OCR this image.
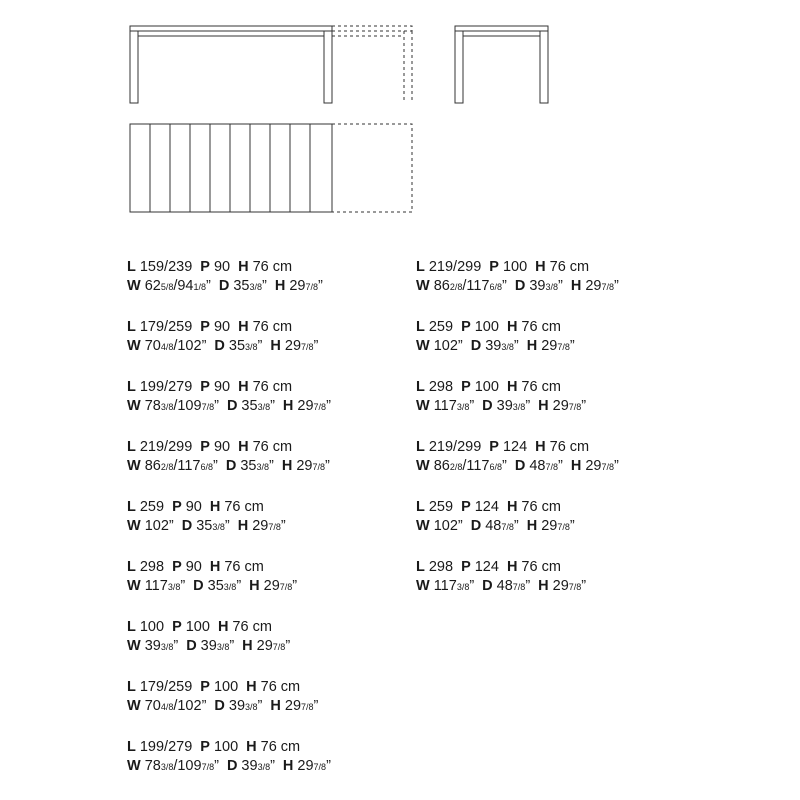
L 159/239 P 90 H 76 cm
W 625/8/941/8” D 353/8” H 297/8”
L 179/259 P 90 H 76 cm
W 704/8/102” D 353/8” H 297/8”
L 199/279 P 90 H 76 cm
W 783/8/1097/8” D 353/8” H 297/8”
L 219/299 P 90 H 76 cm
W 862/8/1176/8” D 353/8” H 297/8”
L 259 P 90 H 76 cm
W 102” D 353/8” H 297/8”
L 298 P 90 H 76 cm
W 1173/8” D 353/8” H 297/8”
L 100 P 100 H 76 cm
W 393/8” D 393/8” H 297/8”
L 179/259 P 100 H 76 cm
W 704/8/102” D 393/8” H 297/8”
L 199/279 P 100 H 76 cm
W 783/8/1097/8” D 393/8” H 297/8”
L 219/299 P 100 H 76 cm
W 862/8/1176/8” D 393/8” H 297/8”
L 259 P 100 H 76 cm
W 102” D 393/8” H 297/8”
L 298 P 100 H 76 cm
W 1173/8” D 393/8” H 297/8”
L 219/299 P 124 H 76 cm
W 862/8/1176/8” D 487/8” H 297/8”
L 259 P 124 H 76 cm
W 102” D 487/8” H 297/8”
L 298 P 124 H 76 cm
W 1173/8” D 487/8” H 297/8”
